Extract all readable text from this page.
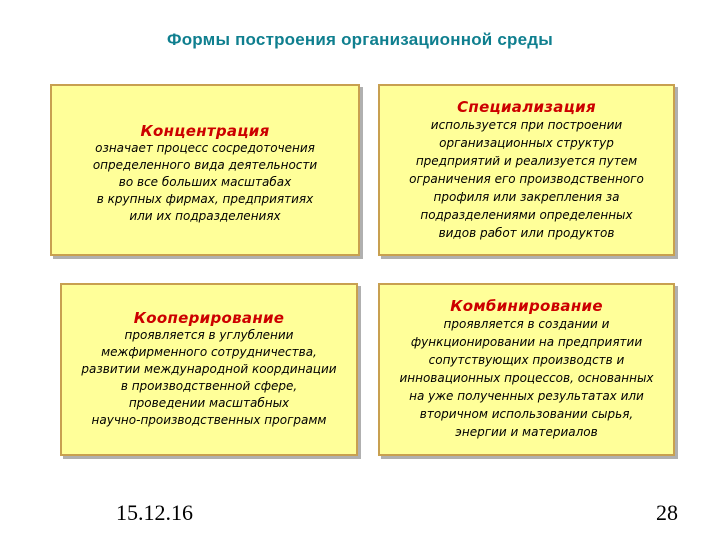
Формы построения организационной среды
Концентрация
означает процесс сосредоточения
определенного вида деятельности
во все больших масштабах
в крупных фирмах, предприятиях
или их подразделениях
Специализация
используется при построении
организационных структур
предприятий и реализуется путем
ограничения его производственного
профиля или закрепления за
подразделениями определенных
видов работ или продуктов
Кооперирование
проявляется в углублении
межфирменного сотрудничества,
развитии международной координации
в производственной сфере,
проведении масштабных
научно-производственных программ
Комбинирование
проявляется в создании и
функционировании на предприятии
сопутствующих производств и
инновационных процессов, основанных
на уже полученных результатах или
вторичном использовании сырья,
энергии и материалов
15.12.16	28
